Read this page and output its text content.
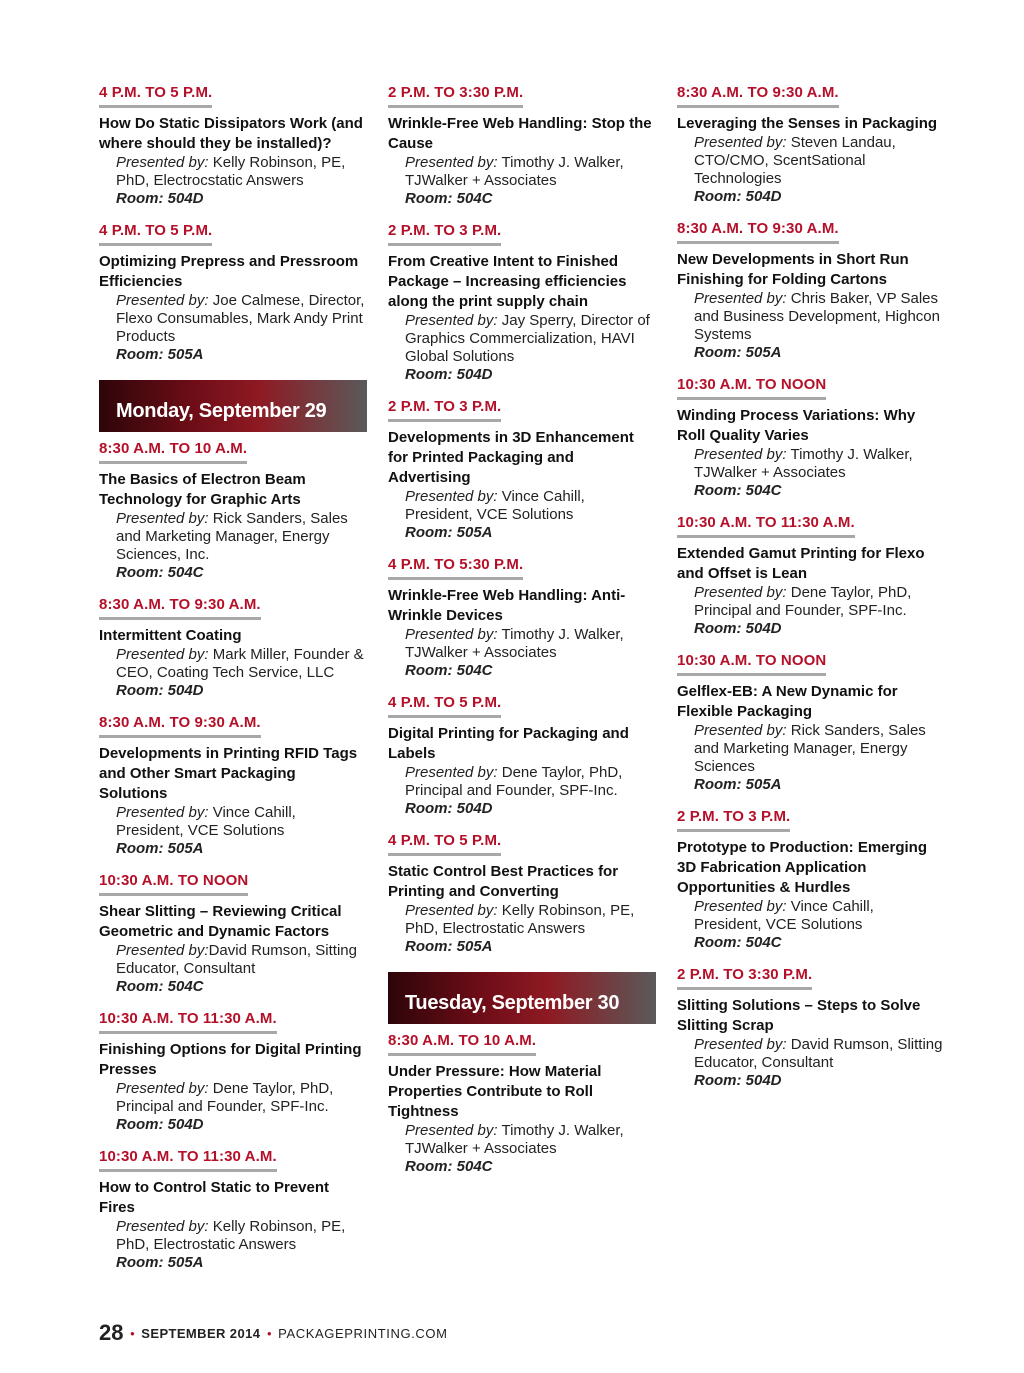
4 P.M. TO 5 P.M.
How Do Static Dissipators Work (and where should they be installed)?
Presented by: Kelly Robinson, PE, PhD, Electrocstatic Answers
Room: 504D
4 P.M. TO 5 P.M.
Optimizing Prepress and Pressroom Efficiencies
Presented by: Joe Calmese, Director, Flexo Consumables, Mark Andy Print Products
Room: 505A
Monday, September 29
8:30 A.M. TO 10 A.M.
The Basics of Electron Beam Technology for Graphic Arts
Presented by: Rick Sanders, Sales and Marketing Manager, Energy Sciences, Inc.
Room: 504C
8:30 A.M. TO 9:30 A.M.
Intermittent Coating
Presented by: Mark Miller, Founder & CEO, Coating Tech Service, LLC
Room: 504D
8:30 A.M. TO 9:30 A.M.
Developments in Printing RFID Tags and Other Smart Packaging Solutions
Presented by: Vince Cahill, President, VCE Solutions
Room: 505A
10:30 A.M. TO NOON
Shear Slitting – Reviewing Critical Geometric and Dynamic Factors
Presented by:David Rumson, Sitting Educator, Consultant
Room: 504C
10:30 A.M. TO 11:30 A.M.
Finishing Options for Digital Printing Presses
Presented by: Dene Taylor, PhD, Principal and Founder, SPF-Inc.
Room: 504D
10:30 A.M. TO 11:30 A.M.
How to Control Static to Prevent Fires
Presented by: Kelly Robinson, PE, PhD, Electrostatic Answers
Room: 505A
2 P.M. TO 3:30 P.M.
Wrinkle-Free Web Handling: Stop the Cause
Presented by: Timothy J. Walker, TJWalker + Associates
Room: 504C
2 P.M. TO 3 P.M.
From Creative Intent to Finished Package – Increasing efficiencies along the print supply chain
Presented by: Jay Sperry, Director of Graphics Commercialization, HAVI Global Solutions
Room: 504D
2 P.M. TO 3 P.M.
Developments in 3D Enhancement for Printed Packaging and Advertising
Presented by: Vince Cahill, President, VCE Solutions
Room: 505A
4 P.M. TO 5:30 P.M.
Wrinkle-Free Web Handling: Anti-Wrinkle Devices
Presented by: Timothy J. Walker, TJWalker + Associates
Room: 504C
4 P.M. TO 5 P.M.
Digital Printing for Packaging and Labels
Presented by: Dene Taylor, PhD, Principal and Founder, SPF-Inc.
Room: 504D
4 P.M. TO 5 P.M.
Static Control Best Practices for Printing and Converting
Presented by: Kelly Robinson, PE, PhD, Electrostatic Answers
Room: 505A
Tuesday, September 30
8:30 A.M. TO 10 A.M.
Under Pressure: How Material Properties Contribute to Roll Tightness
Presented by: Timothy J. Walker, TJWalker + Associates
Room: 504C
8:30 A.M. TO 9:30 A.M.
Leveraging the Senses in Packaging
Presented by: Steven Landau, CTO/CMO, ScentSational Technologies
Room: 504D
8:30 A.M. TO 9:30 A.M.
New Developments in Short Run Finishing for Folding Cartons
Presented by: Chris Baker, VP Sales and Business Development, Highcon Systems
Room: 505A
10:30 A.M. TO NOON
Winding Process Variations: Why Roll Quality Varies
Presented by: Timothy J. Walker, TJWalker + Associates
Room: 504C
10:30 A.M. TO 11:30 A.M.
Extended Gamut Printing for Flexo and Offset is Lean
Presented by: Dene Taylor, PhD, Principal and Founder, SPF-Inc.
Room: 504D
10:30 A.M. TO NOON
Gelflex-EB: A New Dynamic for Flexible Packaging
Presented by: Rick Sanders, Sales and Marketing Manager, Energy Sciences
Room: 505A
2 P.M. TO 3 P.M.
Prototype to Production: Emerging 3D Fabrication Application Opportunities & Hurdles
Presented by: Vince Cahill, President, VCE Solutions
Room: 504C
2 P.M. TO 3:30 P.M.
Slitting Solutions – Steps to Solve Slitting Scrap
Presented by: David Rumson, Slitting Educator, Consultant
Room: 504D
28 • SEPTEMBER 2014 • PACKAGEPRINTING.COM
